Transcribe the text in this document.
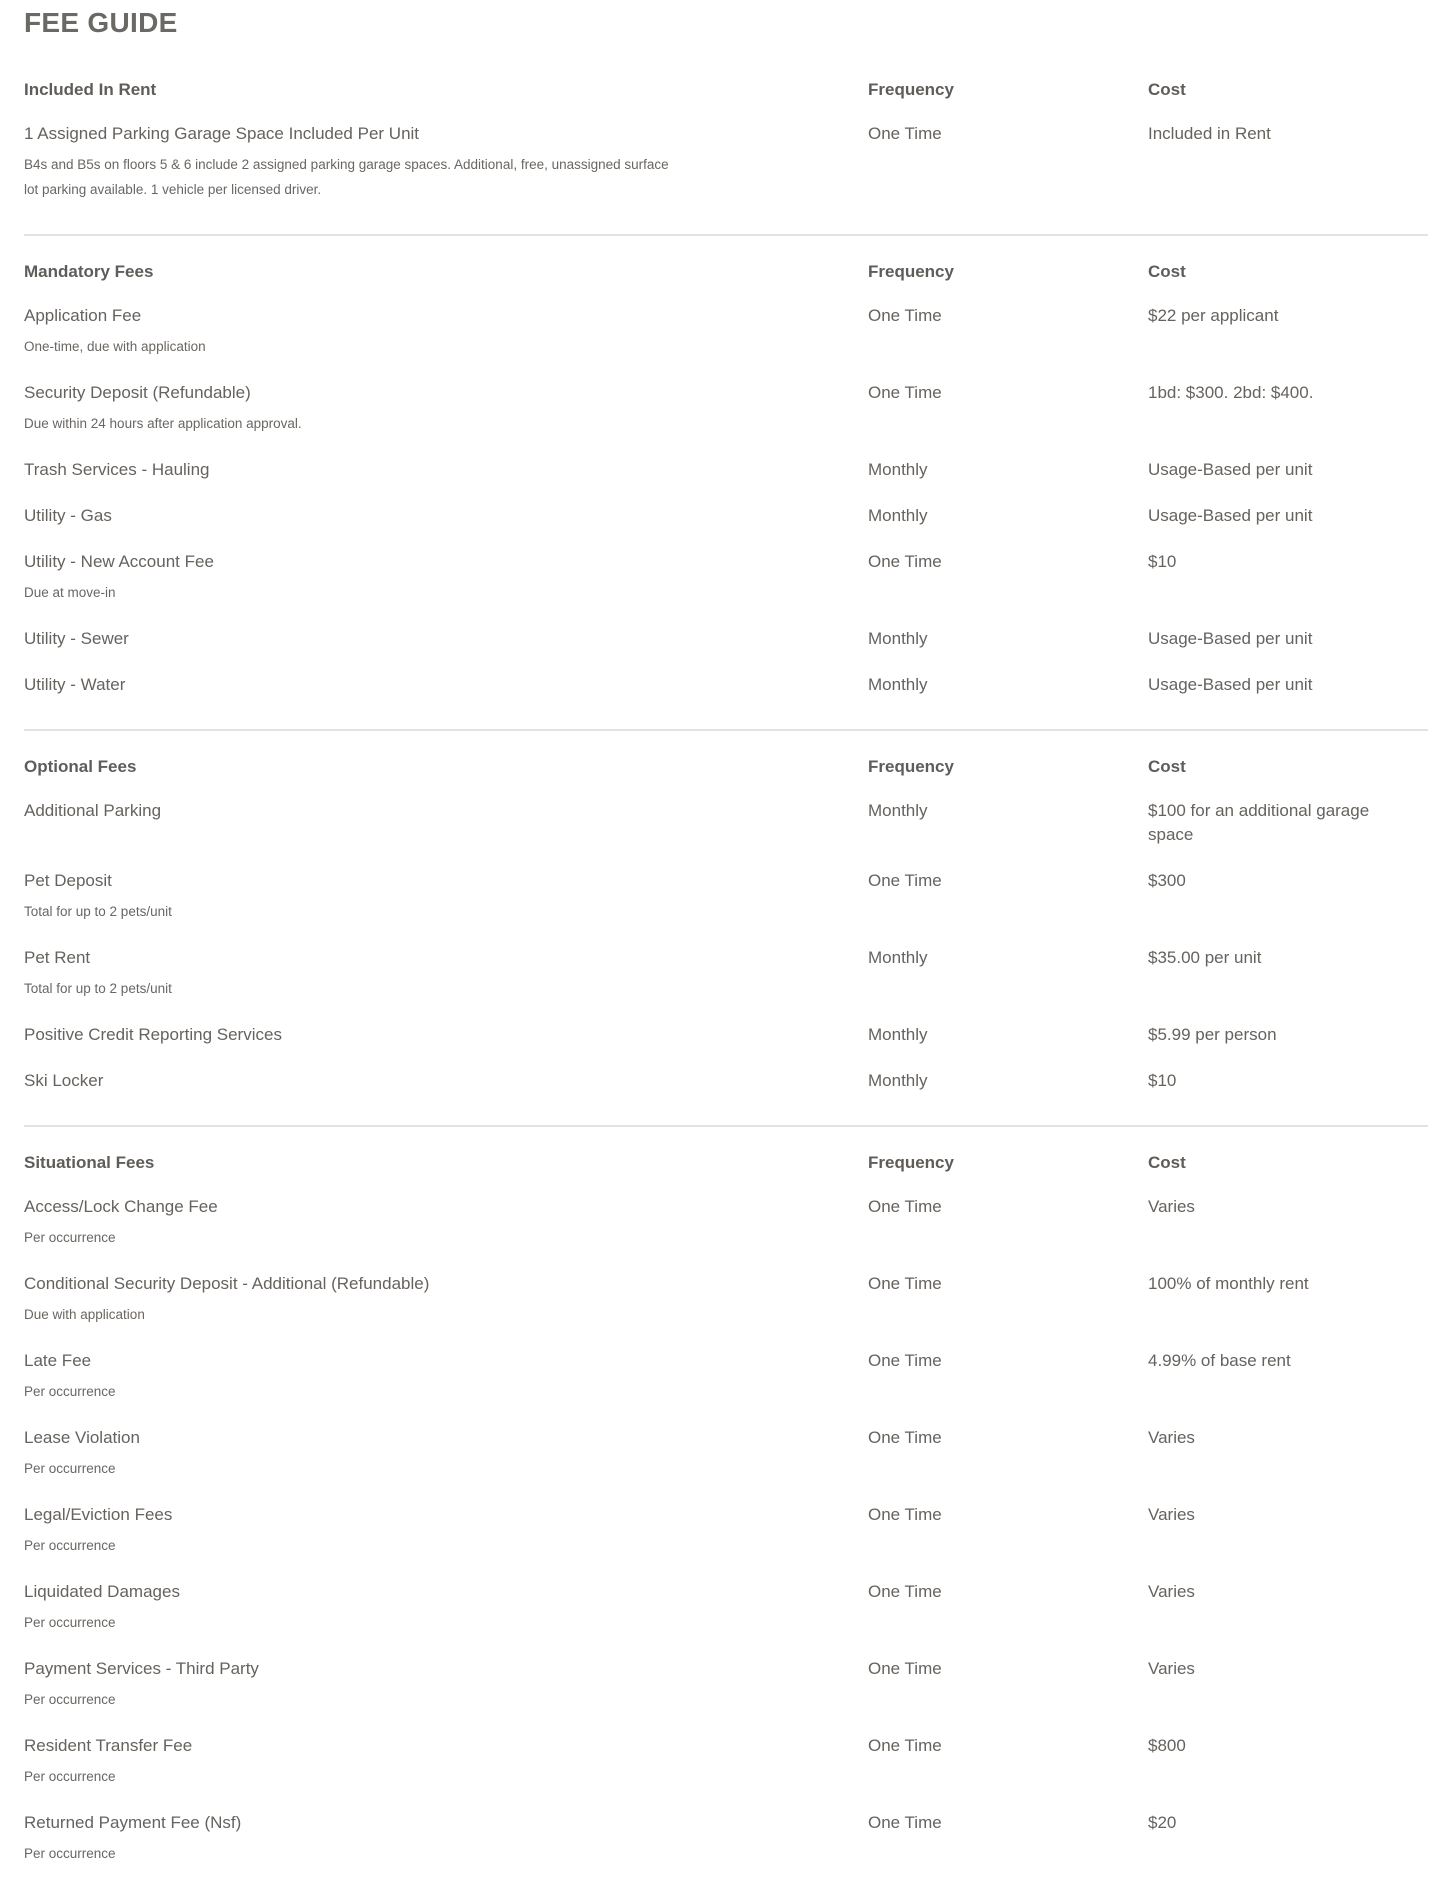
FEE GUIDE
Included In Rent	Frequency	Cost
1 Assigned Parking Garage Space Included Per Unit
B4s and B5s on floors 5 & 6 include 2 assigned parking garage spaces. Additional, free, unassigned surface lot parking available. 1 vehicle per licensed driver.
One Time	Included in Rent
Mandatory Fees	Frequency	Cost
Application Fee
One-time, due with application
One Time	$22 per applicant
Security Deposit (Refundable)
Due within 24 hours after application approval.
One Time	1bd: $300. 2bd: $400.
Trash Services - Hauling	Monthly	Usage-Based per unit
Utility - Gas	Monthly	Usage-Based per unit
Utility - New Account Fee
Due at move-in
One Time	$10
Utility - Sewer	Monthly	Usage-Based per unit
Utility - Water	Monthly	Usage-Based per unit
Optional Fees	Frequency	Cost
Additional Parking	Monthly	$100 for an additional garage space
Pet Deposit
Total for up to 2 pets/unit
One Time	$300
Pet Rent
Total for up to 2 pets/unit
Monthly	$35.00 per unit
Positive Credit Reporting Services	Monthly	$5.99 per person
Ski Locker	Monthly	$10
Situational Fees	Frequency	Cost
Access/Lock Change Fee
Per occurrence
One Time	Varies
Conditional Security Deposit - Additional (Refundable)
Due with application
One Time	100% of monthly rent
Late Fee
Per occurrence
One Time	4.99% of base rent
Lease Violation
Per occurrence
One Time	Varies
Legal/Eviction Fees
Per occurrence
One Time	Varies
Liquidated Damages
Per occurrence
One Time	Varies
Payment Services - Third Party
Per occurrence
One Time	Varies
Resident Transfer Fee
Per occurrence
One Time	$800
Returned Payment Fee (Nsf)
Per occurrence
One Time	$20
